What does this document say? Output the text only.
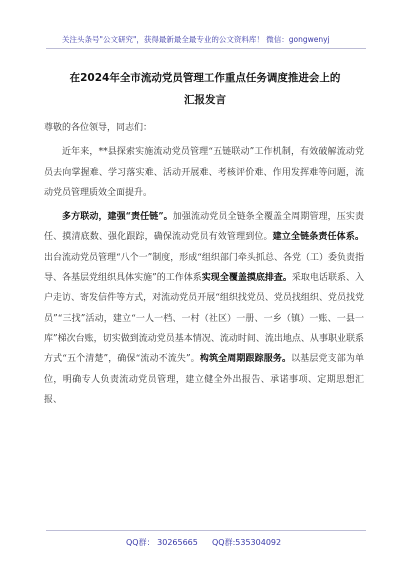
关注头条号"公文研究"，获得最新最全最专业的公文资料库！ 微信：gongwenyj
在2024年全市流动党员管理工作重点任务调度推进会上的
汇报发言

尊敬的各位领导，同志们：

近年来，**县探索实施流动党员管理“五链联动”工作机制，有效破解流动党员去向掌握难、学习落实难、活动开展难、考核评价难、作用发挥难等问题，流动党员管理质效全面提升。

多方联动，建强“责任链”。加强流动党员全链条全覆盖全周期管理，压实责任、摸清底数、强化跟踪，确保流动党员有效管理到位。建立全链条责任体系。出台流动党员管理“八个一”制度，形成“组织部门牵头抓总、各党（工）委负责指导、各基层党组织具体实施”的工作体系实现全覆盖摸底排查。采取电话联系、入户走访、寄发信件等方式，对流动党员开展“组织找党员、党员找组织、党员找党员”“三找”活动，建立“一人一档、一村（社区）一册、一乡（镇）一账、一县一库”梯次台账，切实做到流动党员基本情况、流动时间、流出地点、从事职业联系方式“五个清楚”，确保“流动不流失”。构筑全周期跟踪服务。以基层党支部为单位，明确专人负责流动党员管理，建立健全外出报告、承诺事项、定期思想汇报、

QQ群： 30265665 QQ群:535304092
